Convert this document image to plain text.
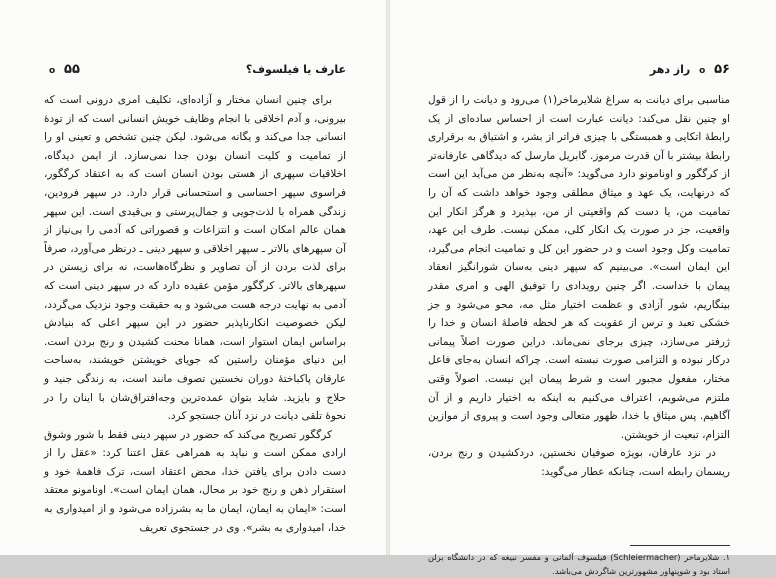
عارف یا فیلسوف؟
o ۵۵

برای چنین انسان مختار و آزاده‌ای، تکلیف امری درونی است که بیرونی، و آدم اخلاقی با انجام وظایف خویش انسانی است که از تودهٔ انسانی جدا می‌کند و یگانه می‌شود. لیکن چنین تشخص و تعینی او را از تمامیت و کلیت انسان بودن جدا نمی‌سازد. از ایمن دیدگاه، اخلاقیات سپهری از هستی بودن انسان است که به اعتقاد کرگگور، فراسوی سپهر احساسی و استحسانی قرار دارد. در سپهر فرودین، زندگی همراه با لذت‌جویی و جمال‌پرستی و بی‌قیدی است. این سپهر همان عالم امکان است و انتزاعات و قصوراتی که آدمی را بی‌نیاز از آن سپهرهای بالاتر ـ سپهر اخلاقی و سپهر دینی ـ درنظر می‌آورد، صرفاً برای لذت بردن از آن تصاویر و نظرگاه‌هاست، نه برای زیستن در سپهرهای بالاتر. کرگگور مؤمن عقیده دارد که در سپهر دینی است که آدمی به نهایت درجه هست می‌شود و به حقیقت وجود نزدیک می‌گردد، لیکن خصوصیت انکارناپذیر حضور در این سپهر اعلی که بنیادش براساس ایمان استوار است، همانا محنت کشیدن و رنج بردن است. این دنیای مؤمنان راستین که جویای خویشتن خویشند، به‌ساحت عارفان پاکباختهٔ دوران نخستین تصوف مانند است، به زندگی جنید و حلاج و بایزید. شاید بتوان عمده‌ترین وجه‌افتراق‌شان با اینان را در نحوهٔ تلقی دیانت در نزد آنان جستجو کرد.

کرگگور تصریح می‌کند که حضور در سپهر دینی فقط با شور وشوق ارادی ممکن است و نباید به همراهی عقل اعتنا کرد: «عقل را از دست دادن برای یافتن خدا، محض اعتقاد است، ترک فاهمهٔ خود و استقرار ذهن و رنج خود بر محال، همان ایمان است». اونامونو معتقد است: «ایمان به ایمان، ایمان ما به بشرزاده می‌شود و از امیدواری به خدا، امیدواری به بشر». وی در جستجوی تعریف

۵۶ o راز دهر

مناسبی برای دیانت به سراغ شلایرماخر(۱) می‌رود و دیانت را از قول او چنین نقل می‌کند: دیانت عبارت است از احساس ساده‌ای از یک رابطهٔ اتکایی و همبستگی با چیزی فراتر از بشر، و اشتیاق به برقراری رابطهٔ بیشتر با آن قدرت مرموز. گابریل مارسل که دیدگاهی عارفانه‌تر از کرگگور و اونامونو دارد می‌گوید: «آنچه به‌نظر من می‌آید این است که درنهایت، یک عهد و میثاق مطلقی وجود خواهد داشت که آن را تمامیت من، یا دست کم واقعیتی از من، بپذیرد و هرگز انکار این واقعیت، جز در صورت یک انکار کلی، ممکن نیست. طرف این عهد، تمامیت وکل وجود است و در حضور این کل و تمامیت انجام می‌گیرد، این ایمان است». می‌بینیم که سپهر دینی به‌سان شورانگیز انعقاد پیمان با خداست. اگر چنین رویدادی را توفیق الهی و امری مقدر بینگاریم، شور آزادی و عظمت اختیار مثل مه، محو می‌شود و جز خشکی تعبد و ترس از عقوبت که هر لحظه فاصلهٔ انسان و خدا را ژرفتر می‌سازد، چیزی برجای نمی‌ماند. دراین صورت اصلاً پیمانی درکار نبوده و التزامی صورت نبسته است. چراکه انسان به‌جای فاعل مختار، مفعول مجبور است و شرط پیمان این نیست. اصولاً وقتی ملتزم می‌شویم، اعتراف می‌کنیم به اینکه به اختیار داریم و از آن آگاهیم. پس میثاق با خدا، ظهور متعالی وجود است و پیروی از موازین التزام، تبعیت از خویشتن.

در نزد عارفان، بویژه صوفیان نخستین، دردکشیدن و رنج بردن، ریسمان رابطه است، چنانکه عطار می‌گوید:

۱. شلایرماخر (Schleiermacher) فیلسوف آلمانی و مفسر نبیغه که در دانشگاه برلن استاد بود و شوپنهاور مشهورترین شاگردش می‌باشد.
